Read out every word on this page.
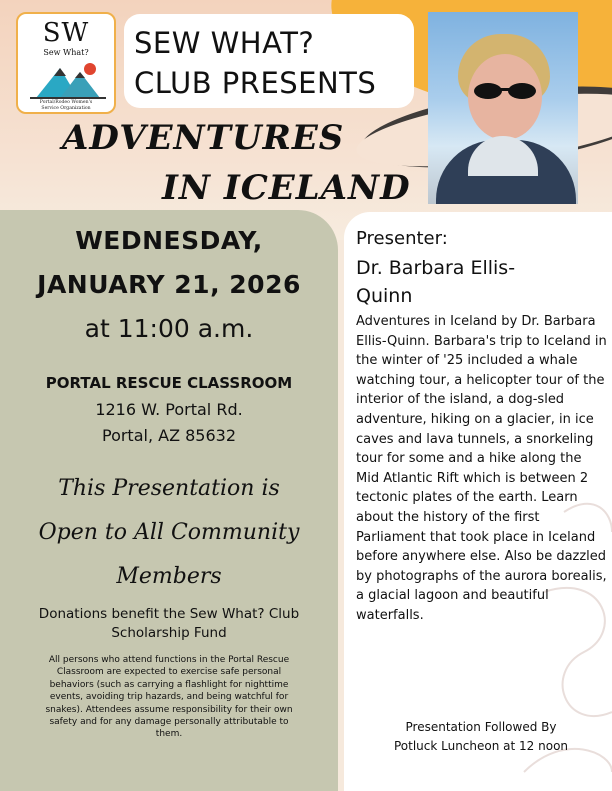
SW
Sew What?
Portal/Rodeo Women's
Service Organization
SEW WHAT?
CLUB PRESENTS
ADVENTURES
IN ICELAND
WEDNESDAY,
JANUARY 21, 2026
at 11:00 a.m.
PORTAL RESCUE CLASSROOM
1216 W. Portal Rd.
Portal, AZ 85632
This Presentation is
Open to All Community
Members
Donations benefit the Sew What? Club
Scholarship Fund
All persons who attend functions in the Portal Rescue Classroom are expected to exercise safe personal behaviors (such as carrying a flashlight for nighttime events, avoiding trip hazards, and being watchful for snakes). Attendees assume responsibility for their own safety and for any damage personally attributable to them.
Presenter:
Dr. Barbara Ellis-
Quinn
Adventures in Iceland by Dr. Barbara Ellis-Quinn. Barbara's trip to Iceland in the winter of '25 included a whale watching tour, a helicopter tour of the interior of the island, a dog-sled adventure, hiking on a glacier, in ice caves and lava tunnels, a snorkeling tour for some and a hike along the Mid Atlantic Rift which is between 2 tectonic plates of the earth. Learn about the history of the first Parliament that took place in Iceland before anywhere else. Also be dazzled by photographs of the aurora borealis, a glacial lagoon and beautiful waterfalls.
Presentation Followed By
Potluck Luncheon at 12 noon
